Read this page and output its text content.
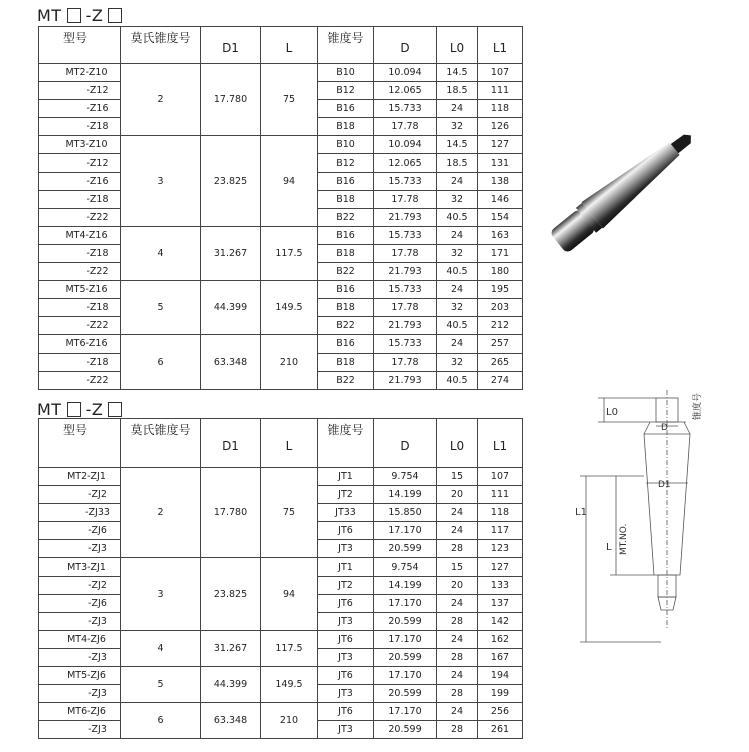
MT -Z
型号	莫氏锥度号	D1	L	锥度号	D	L0	L1
MT2-Z10	2	17.780	75	B10	10.094	14.5	107
-Z12				B12	12.065	18.5	111
-Z16				B16	15.733	24	118
-Z18				B18	17.78	32	126
MT3-Z10	3	23.825	94	B10	10.094	14.5	127
-Z12				B12	12.065	18.5	131
-Z16				B16	15.733	24	138
-Z18				B18	17.78	32	146
-Z22				B22	21.793	40.5	154
MT4-Z16	4	31.267	117.5	B16	15.733	24	163
-Z18				B18	17.78	32	171
-Z22				B22	21.793	40.5	180
MT5-Z16	5	44.399	149.5	B16	15.733	24	195
-Z18				B18	17.78	32	203
-Z22				B22	21.793	40.5	212
MT6-Z16	6	63.348	210	B16	15.733	24	257
-Z18				B18	17.78	32	265
-Z22				B22	21.793	40.5	274
MT -Z
型号	莫氏锥度号	D1	L	锥度号	D	L0	L1
MT2-ZJ1	2	17.780	75	JT1	9.754	15	107
-ZJ2				JT2	14.199	20	111
-ZJ33				JT33	15.850	24	118
-ZJ6				JT6	17.170	24	117
-ZJ3				JT3	20.599	28	123
MT3-ZJ1	3	23.825	94	JT1	9.754	15	127
-ZJ2				JT2	14.199	20	133
-ZJ6				JT6	17.170	24	137
-ZJ3				JT3	20.599	28	142
MT4-ZJ6	4	31.267	117.5	JT6	17.170	24	162
-ZJ3				JT3	20.599	28	167
MT5-ZJ6	5	44.399	149.5	JT6	17.170	24	194
-ZJ3				JT3	20.599	28	199
MT6-ZJ6	6	63.348	210	JT6	17.170	24	256
-ZJ3				JT3	20.599	28	261
L0
D
D1
L1
L MT.NO.
锥度号
